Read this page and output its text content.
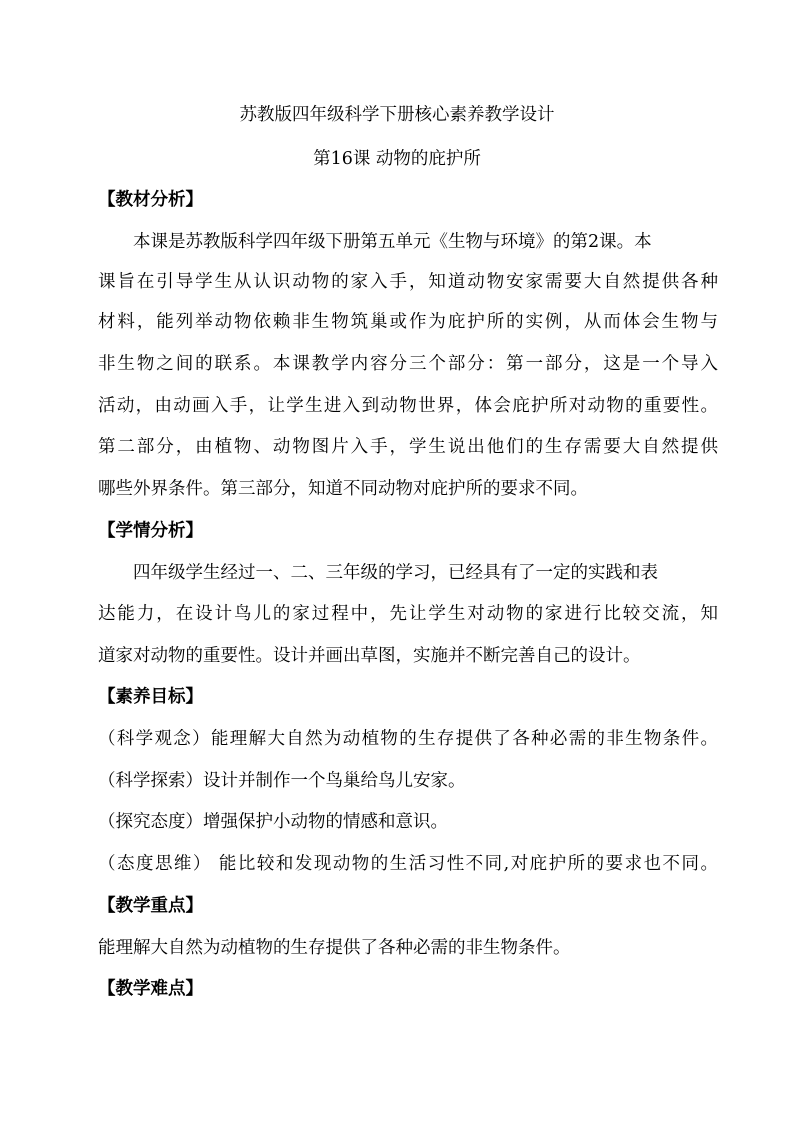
苏教版四年级科学下册核心素养教学设计
第16课 动物的庇护所
【教材分析】
本课是苏教版科学四年级下册第五单元《生物与环境》的第2课。本
课旨在引导学生从认识动物的家入手，知道动物安家需要大自然提供各种
材料，能列举动物依赖非生物筑巢或作为庇护所的实例，从而体会生物与
非生物之间的联系。本课教学内容分三个部分：第一部分，这是一个导入
活动，由动画入手，让学生进入到动物世界，体会庇护所对动物的重要性。
第二部分，由植物、动物图片入手，学生说出他们的生存需要大自然提供
哪些外界条件。第三部分，知道不同动物对庇护所的要求不同。
【学情分析】
四年级学生经过一、二、三年级的学习，已经具有了一定的实践和表
达能力，在设计鸟儿的家过程中，先让学生对动物的家进行比较交流，知
道家对动物的重要性。设计并画出草图，实施并不断完善自己的设计。
【素养目标】
（科学观念）能理解大自然为动植物的生存提供了各种必需的非生物条件。
（科学探索）设计并制作一个鸟巢给鸟儿安家。
（探究态度）增强保护小动物的情感和意识。
（态度思维） 能比较和发现动物的生活习性不同,对庇护所的要求也不同。
【教学重点】
能理解大自然为动植物的生存提供了各种必需的非生物条件。
【教学难点】
